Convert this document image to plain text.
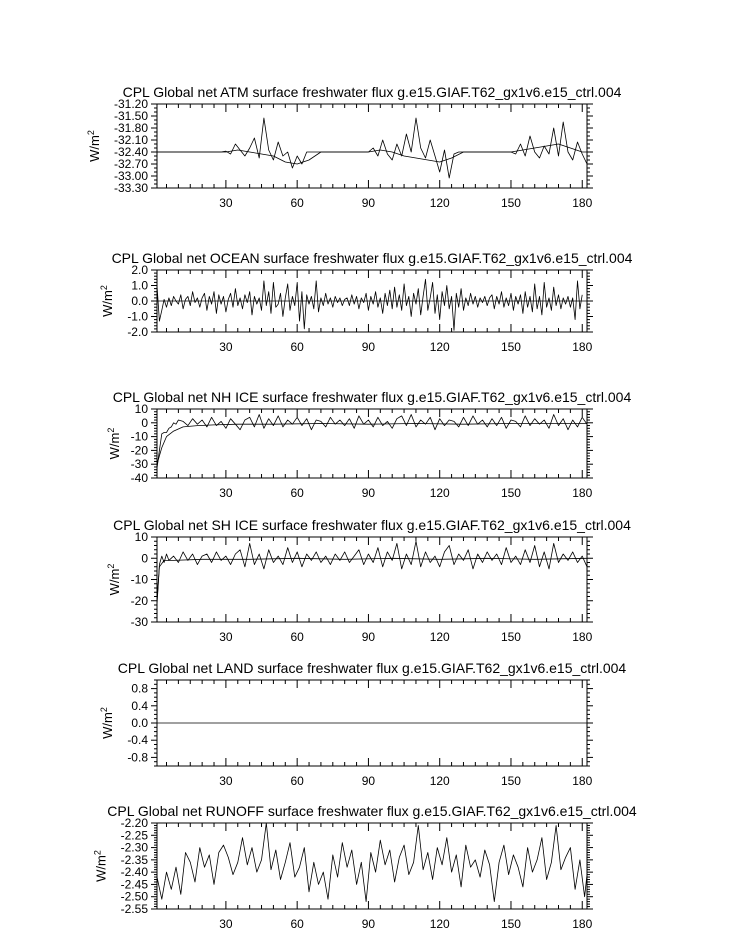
CPL Global net ATM surface freshwater flux g.e15.GIAF.T62_gx1v6.e15_ctrl.004
30	60	90	120	150	180
-33.30
-33.00
-32.70
-32.40
-32.10
-31.80
-31.50
-31.20
$W/m^2$
CPL Global net OCEAN surface freshwater flux g.e15.GIAF.T62_gx1v6.e15_ctrl.004
30	60	90	120	150	180
-2.0
-1.0
0.0
1.0
2.0
$W/m^2$
CPL Global net NH ICE surface freshwater flux g.e15.GIAF.T62_gx1v6.e15_ctrl.004
30	60	90	120	150	180
-40
-30
-20
-10
0
10
$W/m^2$
CPL Global net SH ICE surface freshwater flux g.e15.GIAF.T62_gx1v6.e15_ctrl.004
30	60	90	120	150	180
-30
-20
-10
0
10
$W/m^2$
CPL Global net LAND surface freshwater flux g.e15.GIAF.T62_gx1v6.e15_ctrl.004
30	60	90	120	150	180
-0.8
-0.4
0.0
0.4
0.8
$W/m^2$
CPL Global net RUNOFF surface freshwater flux g.e15.GIAF.T62_gx1v6.e15_ctrl.004
30	60	90	120	150	180
-2.55
-2.50
-2.45
-2.40
-2.35
-2.30
-2.25
-2.20
$W/m^2$
